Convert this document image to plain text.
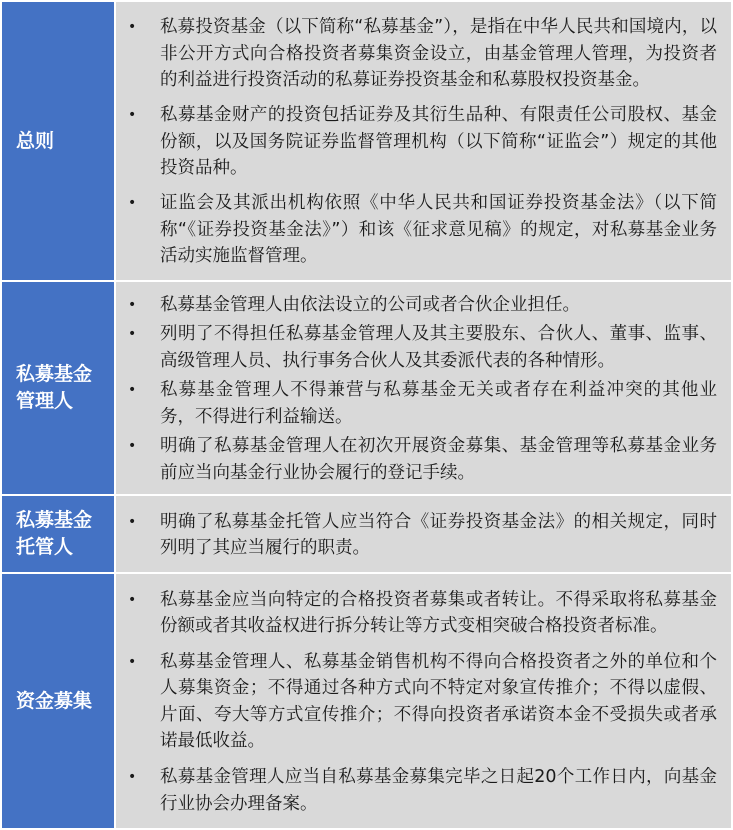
总则
•	私募投资基金（以下简称“私募基金”），是指在中华人民共和国境内，以非公开方式向合格投资者募集资金设立，由基金管理人管理，为投资者的利益进行投资活动的私募证券投资基金和私募股权投资基金。
•	私募基金财产的投资包括证券及其衍生品种、有限责任公司股权、基金份额，以及国务院证券监督管理机构（以下简称“证监会”）规定的其他投资品种。
•	证监会及其派出机构依照《中华人民共和国证券投资基金法》（以下简称“《证券投资基金法》”）和该《征求意见稿》的规定，对私募基金业务活动实施监督管理。
私募基金管理人
•	私募基金管理人由依法设立的公司或者合伙企业担任。
•	列明了不得担任私募基金管理人及其主要股东、合伙人、董事、监事、高级管理人员、执行事务合伙人及其委派代表的各种情形。
•	私募基金管理人不得兼营与私募基金无关或者存在利益冲突的其他业务，不得进行利益输送。
•	明确了私募基金管理人在初次开展资金募集、基金管理等私募基金业务前应当向基金行业协会履行的登记手续。
私募基金托管人
•	明确了私募基金托管人应当符合《证券投资基金法》的相关规定，同时列明了其应当履行的职责。
资金募集
•	私募基金应当向特定的合格投资者募集或者转让。不得采取将私募基金份额或者其收益权进行拆分转让等方式变相突破合格投资者标准。
•	私募基金管理人、私募基金销售机构不得向合格投资者之外的单位和个人募集资金；不得通过各种方式向不特定对象宣传推介；不得以虚假、片面、夸大等方式宣传推介；不得向投资者承诺资本金不受损失或者承诺最低收益。
•	私募基金管理人应当自私募基金募集完毕之日起20个工作日内，向基金行业协会办理备案。
